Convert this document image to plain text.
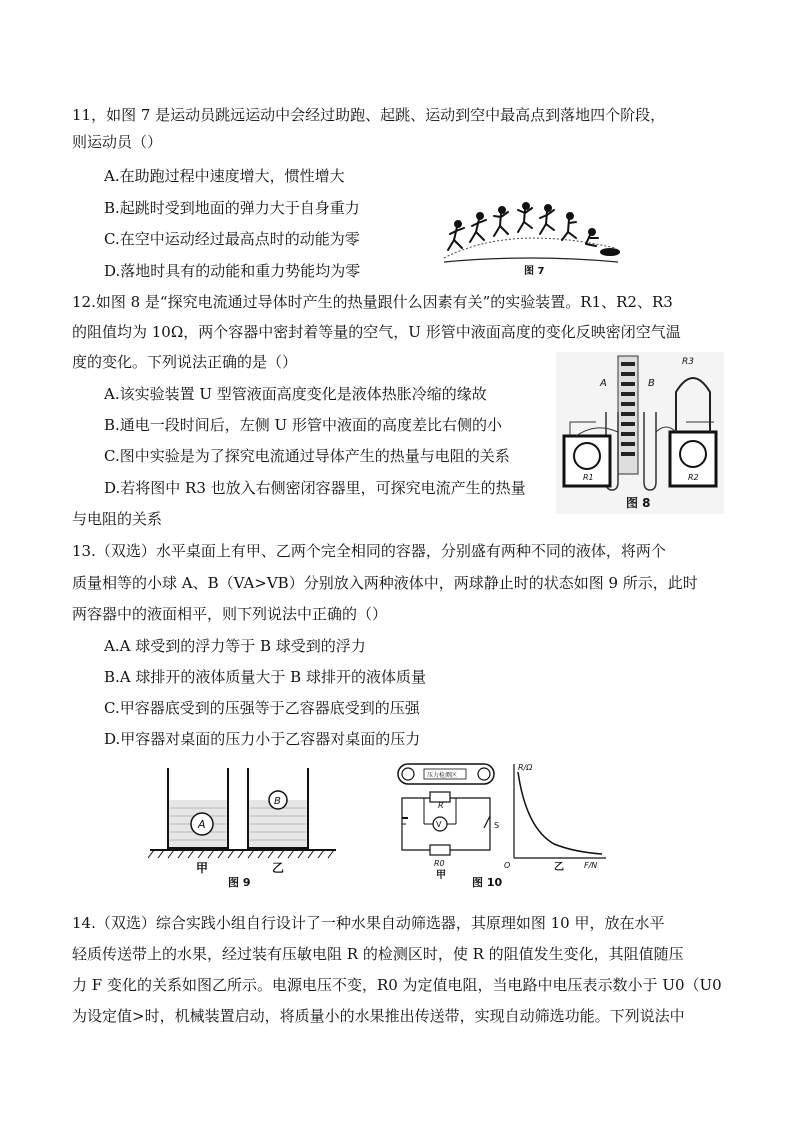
11，如图 7 是运动员跳远运动中会经过助跑、起跳、运动到空中最高点到落地四个阶段，
则运动员（）
A.在助跑过程中速度增大，惯性增大
B.起跳时受到地面的弹力大于自身重力
C.在空中运动经过最高点时的动能为零
D.落地时具有的动能和重力势能均为零	图 7
12.如图 8 是“探究电流通过导体时产生的热量跟什么因素有关”的实验装置。R1、R2、R3
的阻值均为 10Ω，两个容器中密封着等量的空气，U 形管中液面高度的变化反映密闭空气温
度的变化。下列说法正确的是（）
A.该实验装置 U 型管液面高度变化是液体热胀冷缩的缘故
B.通电一段时间后，左侧 U 形管中液面的高度差比右侧的小
C.图中实验是为了探究电流通过导体产生的热量与电阻的关系
D.若将图中 R3 也放入右侧密闭容器里，可探究电流产生的热量
与电阻的关系
A	B
R3
R1	R2
图 8
13.（双选）水平桌面上有甲、乙两个完全相同的容器，分别盛有两种不同的液体，将两个
质量相等的小球 A、B（VA>VB）分别放入两种液体中，两球静止时的状态如图 9 所示，此时
两容器中的液面相平，则下列说法中正确的（）
A.A 球受到的浮力等于 B 球受到的浮力
B.A 球排开的液体质量大于 B 球排开的液体质量
C.甲容器底受到的压强等于乙容器底受到的压强
D.甲容器对桌面的压力小于乙容器对桌面的压力
A
B
甲	乙
图 9
压力检测区
R
V	S
R0
甲
R/Ω
F/N
O	乙
图 10
14.（双选）综合实践小组自行设计了一种水果自动筛选器，其原理如图 10 甲，放在水平
轻质传送带上的水果，经过装有压敏电阻 R 的检测区时，使 R 的阻值发生变化，其阻值随压
力 F 变化的关系如图乙所示。电源电压不变，R0 为定值电阻，当电路中电压表示数小于 U0（U0
为设定值>时，机械装置启动，将质量小的水果推出传送带，实现自动筛选功能。下列说法中
